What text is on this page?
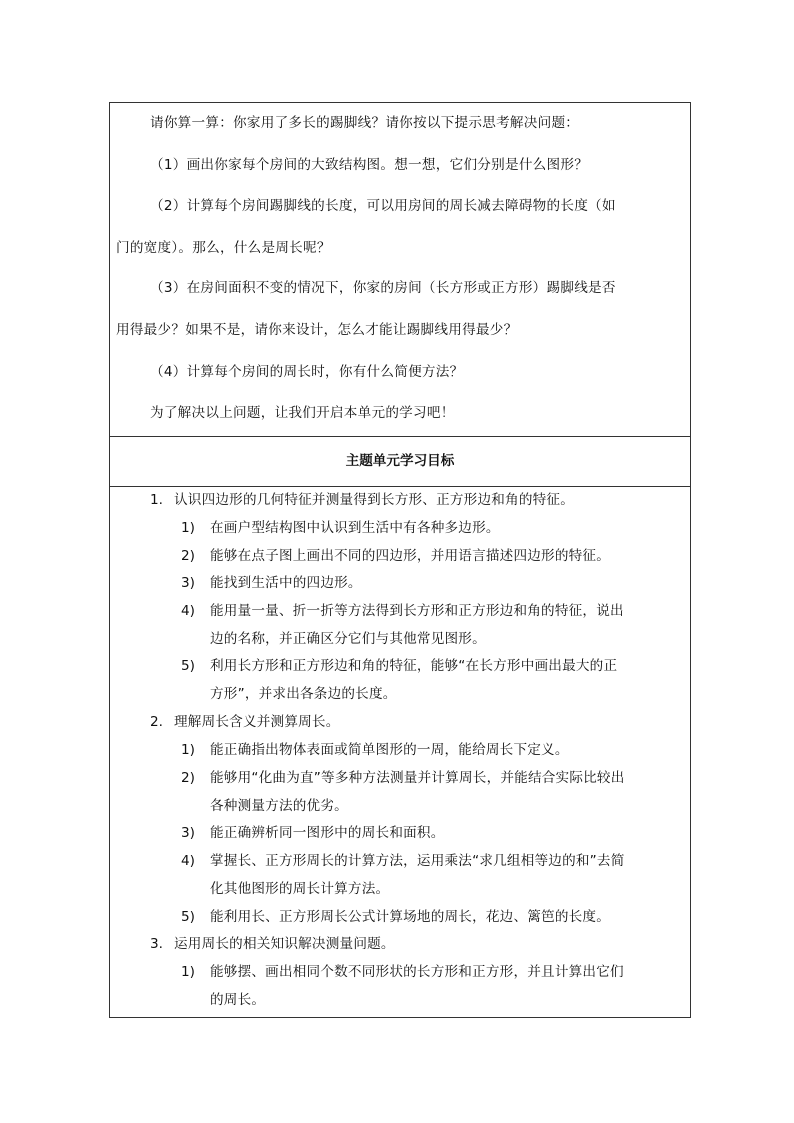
请你算一算：你家用了多长的踢脚线？请你按以下提示思考解决问题：
（1）画出你家每个房间的大致结构图。想一想，它们分别是什么图形？
（2）计算每个房间踢脚线的长度，可以用房间的周长减去障碍物的长度（如
门的宽度）。那么，什么是周长呢？
（3）在房间面积不变的情况下，你家的房间（长方形或正方形）踢脚线是否
用得最少？如果不是，请你来设计，怎么才能让踢脚线用得最少？
（4）计算每个房间的周长时，你有什么简便方法？
为了解决以上问题，让我们开启本单元的学习吧！
主题单元学习目标
1. 认识四边形的几何特征并测量得到长方形、正方形边和角的特征。
1) 在画户型结构图中认识到生活中有各种多边形。
2) 能够在点子图上画出不同的四边形，并用语言描述四边形的特征。
3) 能找到生活中的四边形。
4) 能用量一量、折一折等方法得到长方形和正方形边和角的特征，说出
边的名称，并正确区分它们与其他常见图形。
5) 利用长方形和正方形边和角的特征，能够“在长方形中画出最大的正
方形”，并求出各条边的长度。
2. 理解周长含义并测算周长。
1) 能正确指出物体表面或简单图形的一周，能给周长下定义。
2) 能够用“化曲为直”等多种方法测量并计算周长，并能结合实际比较出
各种测量方法的优劣。
3) 能正确辨析同一图形中的周长和面积。
4) 掌握长、正方形周长的计算方法，运用乘法“求几组相等边的和”去简
化其他图形的周长计算方法。
5) 能利用长、正方形周长公式计算场地的周长，花边、篱笆的长度。
3. 运用周长的相关知识解决测量问题。
1) 能够摆、画出相同个数不同形状的长方形和正方形，并且计算出它们
的周长。
